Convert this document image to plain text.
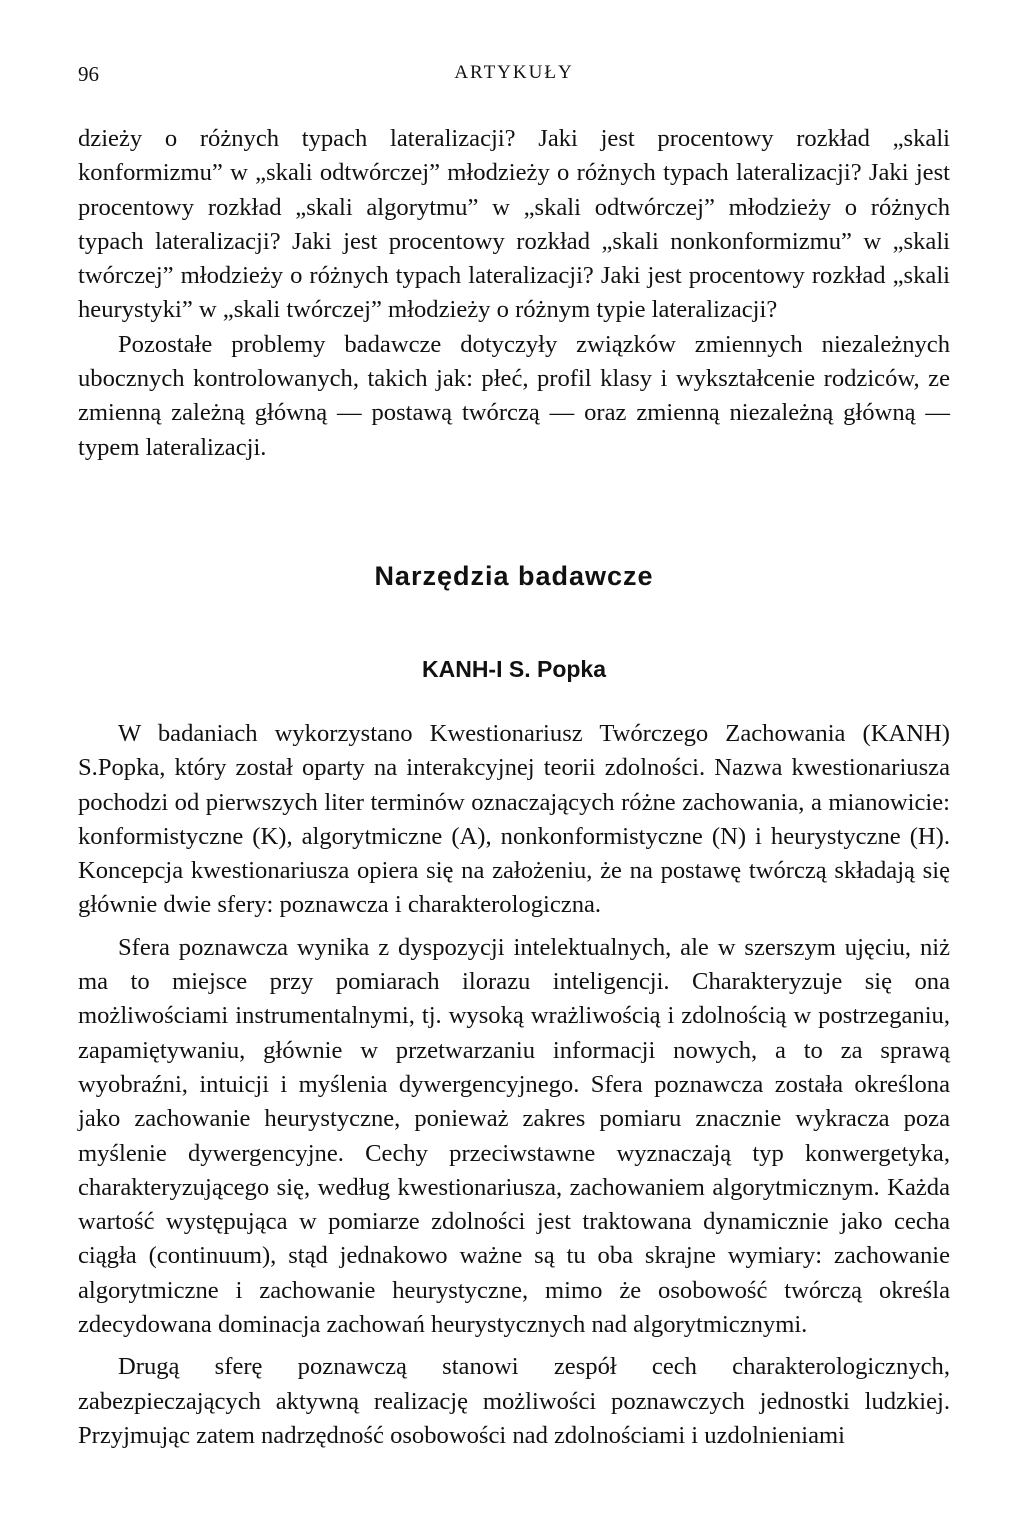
96	ARTYKUŁY

dzieży o różnych typach lateralizacji? Jaki jest procentowy rozkład „skali konformizmu” w „skali odtwórczej” młodzieży o różnych typach lateralizacji? Jaki jest procentowy rozkład „skali algorytmu” w „skali odtwórczej” młodzieży o różnych typach lateralizacji? Jaki jest procentowy rozkład „skali nonkonformizmu” w „skali twórczej” młodzieży o różnych typach lateralizacji? Jaki jest procentowy rozkład „skali heurystyki” w „skali twórczej” młodzieży o różnym typie lateralizacji?

Pozostałe problemy badawcze dotyczyły związków zmiennych niezależnych ubocznych kontrolowanych, takich jak: płeć, profil klasy i wykształcenie rodziców, ze zmienną zależną główną — postawą twórczą — oraz zmienną niezależną główną — typem lateralizacji.

Narzędzia badawcze
KANH-I S. Popka

W badaniach wykorzystano Kwestionariusz Twórczego Zachowania (KANH) S.Popka, który został oparty na interakcyjnej teorii zdolności. Nazwa kwestionariusza pochodzi od pierwszych liter terminów oznaczających różne zachowania, a mianowicie: konformistyczne (K), algorytmiczne (A), nonkonformistyczne (N) i heurystyczne (H). Koncepcja kwestionariusza opiera się na założeniu, że na postawę twórczą składają się głównie dwie sfery: poznawcza i charakterologiczna.

Sfera poznawcza wynika z dyspozycji intelektualnych, ale w szerszym ujęciu, niż ma to miejsce przy pomiarach ilorazu inteligencji. Charakteryzuje się ona możliwościami instrumentalnymi, tj. wysoką wrażliwością i zdolnością w postrzeganiu, zapamiętywaniu, głównie w przetwarzaniu informacji nowych, a to za sprawą wyobraźni, intuicji i myślenia dywergencyjnego. Sfera poznawcza została określona jako zachowanie heurystyczne, ponieważ zakres pomiaru znacznie wykracza poza myślenie dywergencyjne. Cechy przeciwstawne wyznaczają typ konwergetyka, charakteryzującego się, według kwestionariusza, zachowaniem algorytmicznym. Każda wartość występująca w pomiarze zdolności jest traktowana dynamicznie jako cecha ciągła (continuum), stąd jednakowo ważne są tu oba skrajne wymiary: zachowanie algorytmiczne i zachowanie heurystyczne, mimo że osobowość twórczą określa zdecydowana dominacja zachowań heurystycznych nad algorytmicznymi.

Drugą sferę poznawczą stanowi zespół cech charakterologicznych, zabezpieczających aktywną realizację możliwości poznawczych jednostki ludzkiej. Przyjmując zatem nadrzędność osobowości nad zdolnościami i uzdolnieniami
